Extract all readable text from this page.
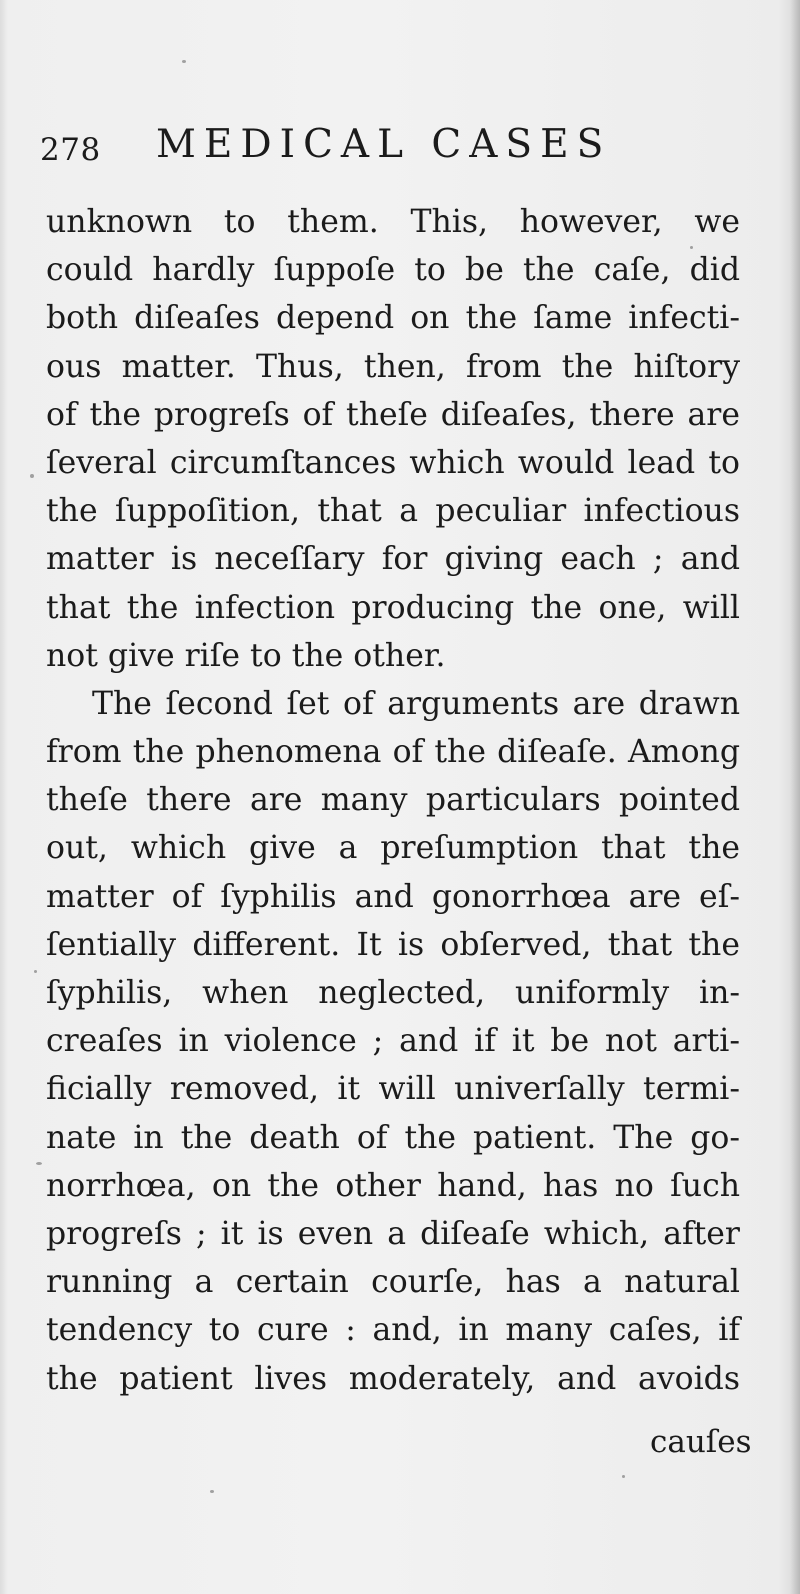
278 MEDICAL CASES
unknown to them. This, however, we
could hardly ſuppoſe to be the caſe, did
both diſeaſes depend on the ſame infecti-
ous matter. Thus, then, from the hiſtory
of the progreſs of theſe diſeaſes, there are
ſeveral circumſtances which would lead to
the ſuppoſition, that a peculiar infectious
matter is neceſſary for giving each ; and
that the infection producing the one, will
not give riſe to the other.
The ſecond ſet of arguments are drawn
from the phenomena of the diſeaſe. Among
theſe there are many particulars pointed
out, which give a preſumption that the
matter of ſyphilis and gonorrhœa are eſ-
ſentially different. It is obſerved, that the
ſyphilis, when neglected, uniformly in-
creaſes in violence ; and if it be not arti-
ficially removed, it will univerſally termi-
nate in the death of the patient. The go-
norrhœa, on the other hand, has no ſuch
progreſs ; it is even a diſeaſe which, after
running a certain courſe, has a natural
tendency to cure : and, in many caſes, if
the patient lives moderately, and avoids
cauſes
